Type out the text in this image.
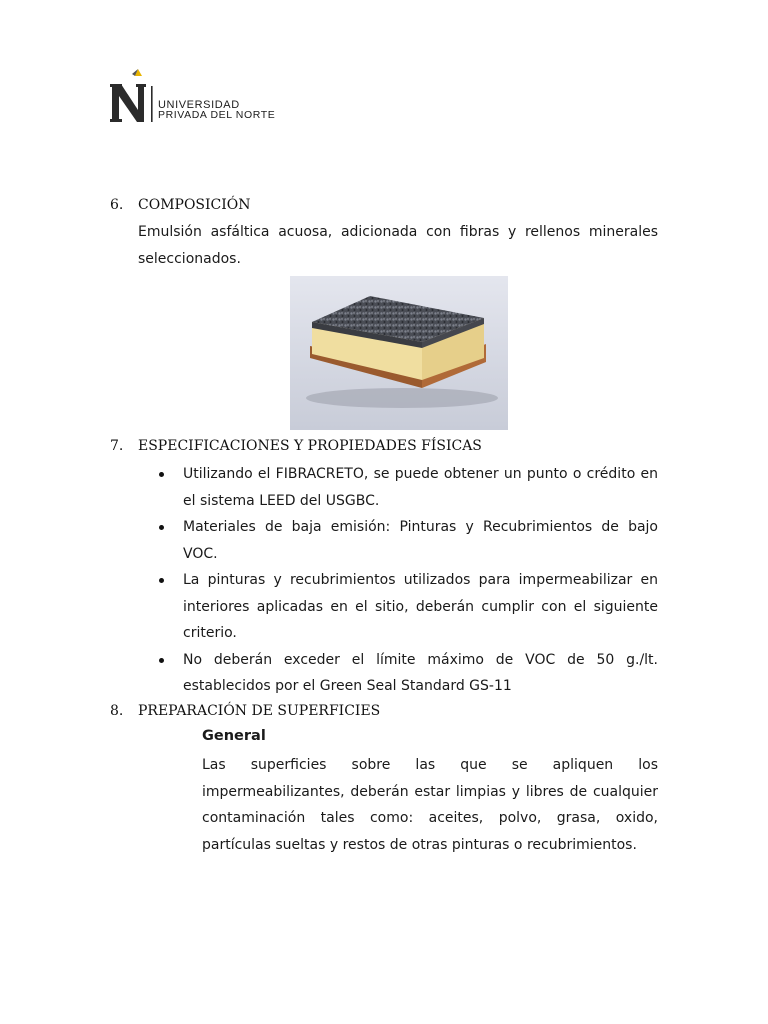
UNIVERSIDAD
PRIVADA DEL NORTE
6. COMPOSICIÓN
Emulsión asfáltica acuosa, adicionada con fibras y rellenos minerales seleccionados.
7. ESPECIFICACIONES Y PROPIEDADES FÍSICAS
Utilizando el FIBRACRETO, se puede obtener un punto o crédito en el sistema LEED del USGBC.
Materiales de baja emisión: Pinturas y Recubrimientos de bajo VOC.
La pinturas y recubrimientos utilizados para impermeabilizar en interiores aplicadas en el sitio, deberán cumplir con el siguiente criterio.
No deberán exceder el límite máximo de VOC de 50 g./lt. establecidos por el Green Seal Standard GS-11
8. PREPARACIÓN DE SUPERFICIES
General
Las superficies sobre las que se apliquen los impermeabilizantes, deberán estar limpias y libres de cualquier contaminación tales como: aceites, polvo, grasa, oxido, partículas sueltas y restos de otras pinturas o recubrimientos.
